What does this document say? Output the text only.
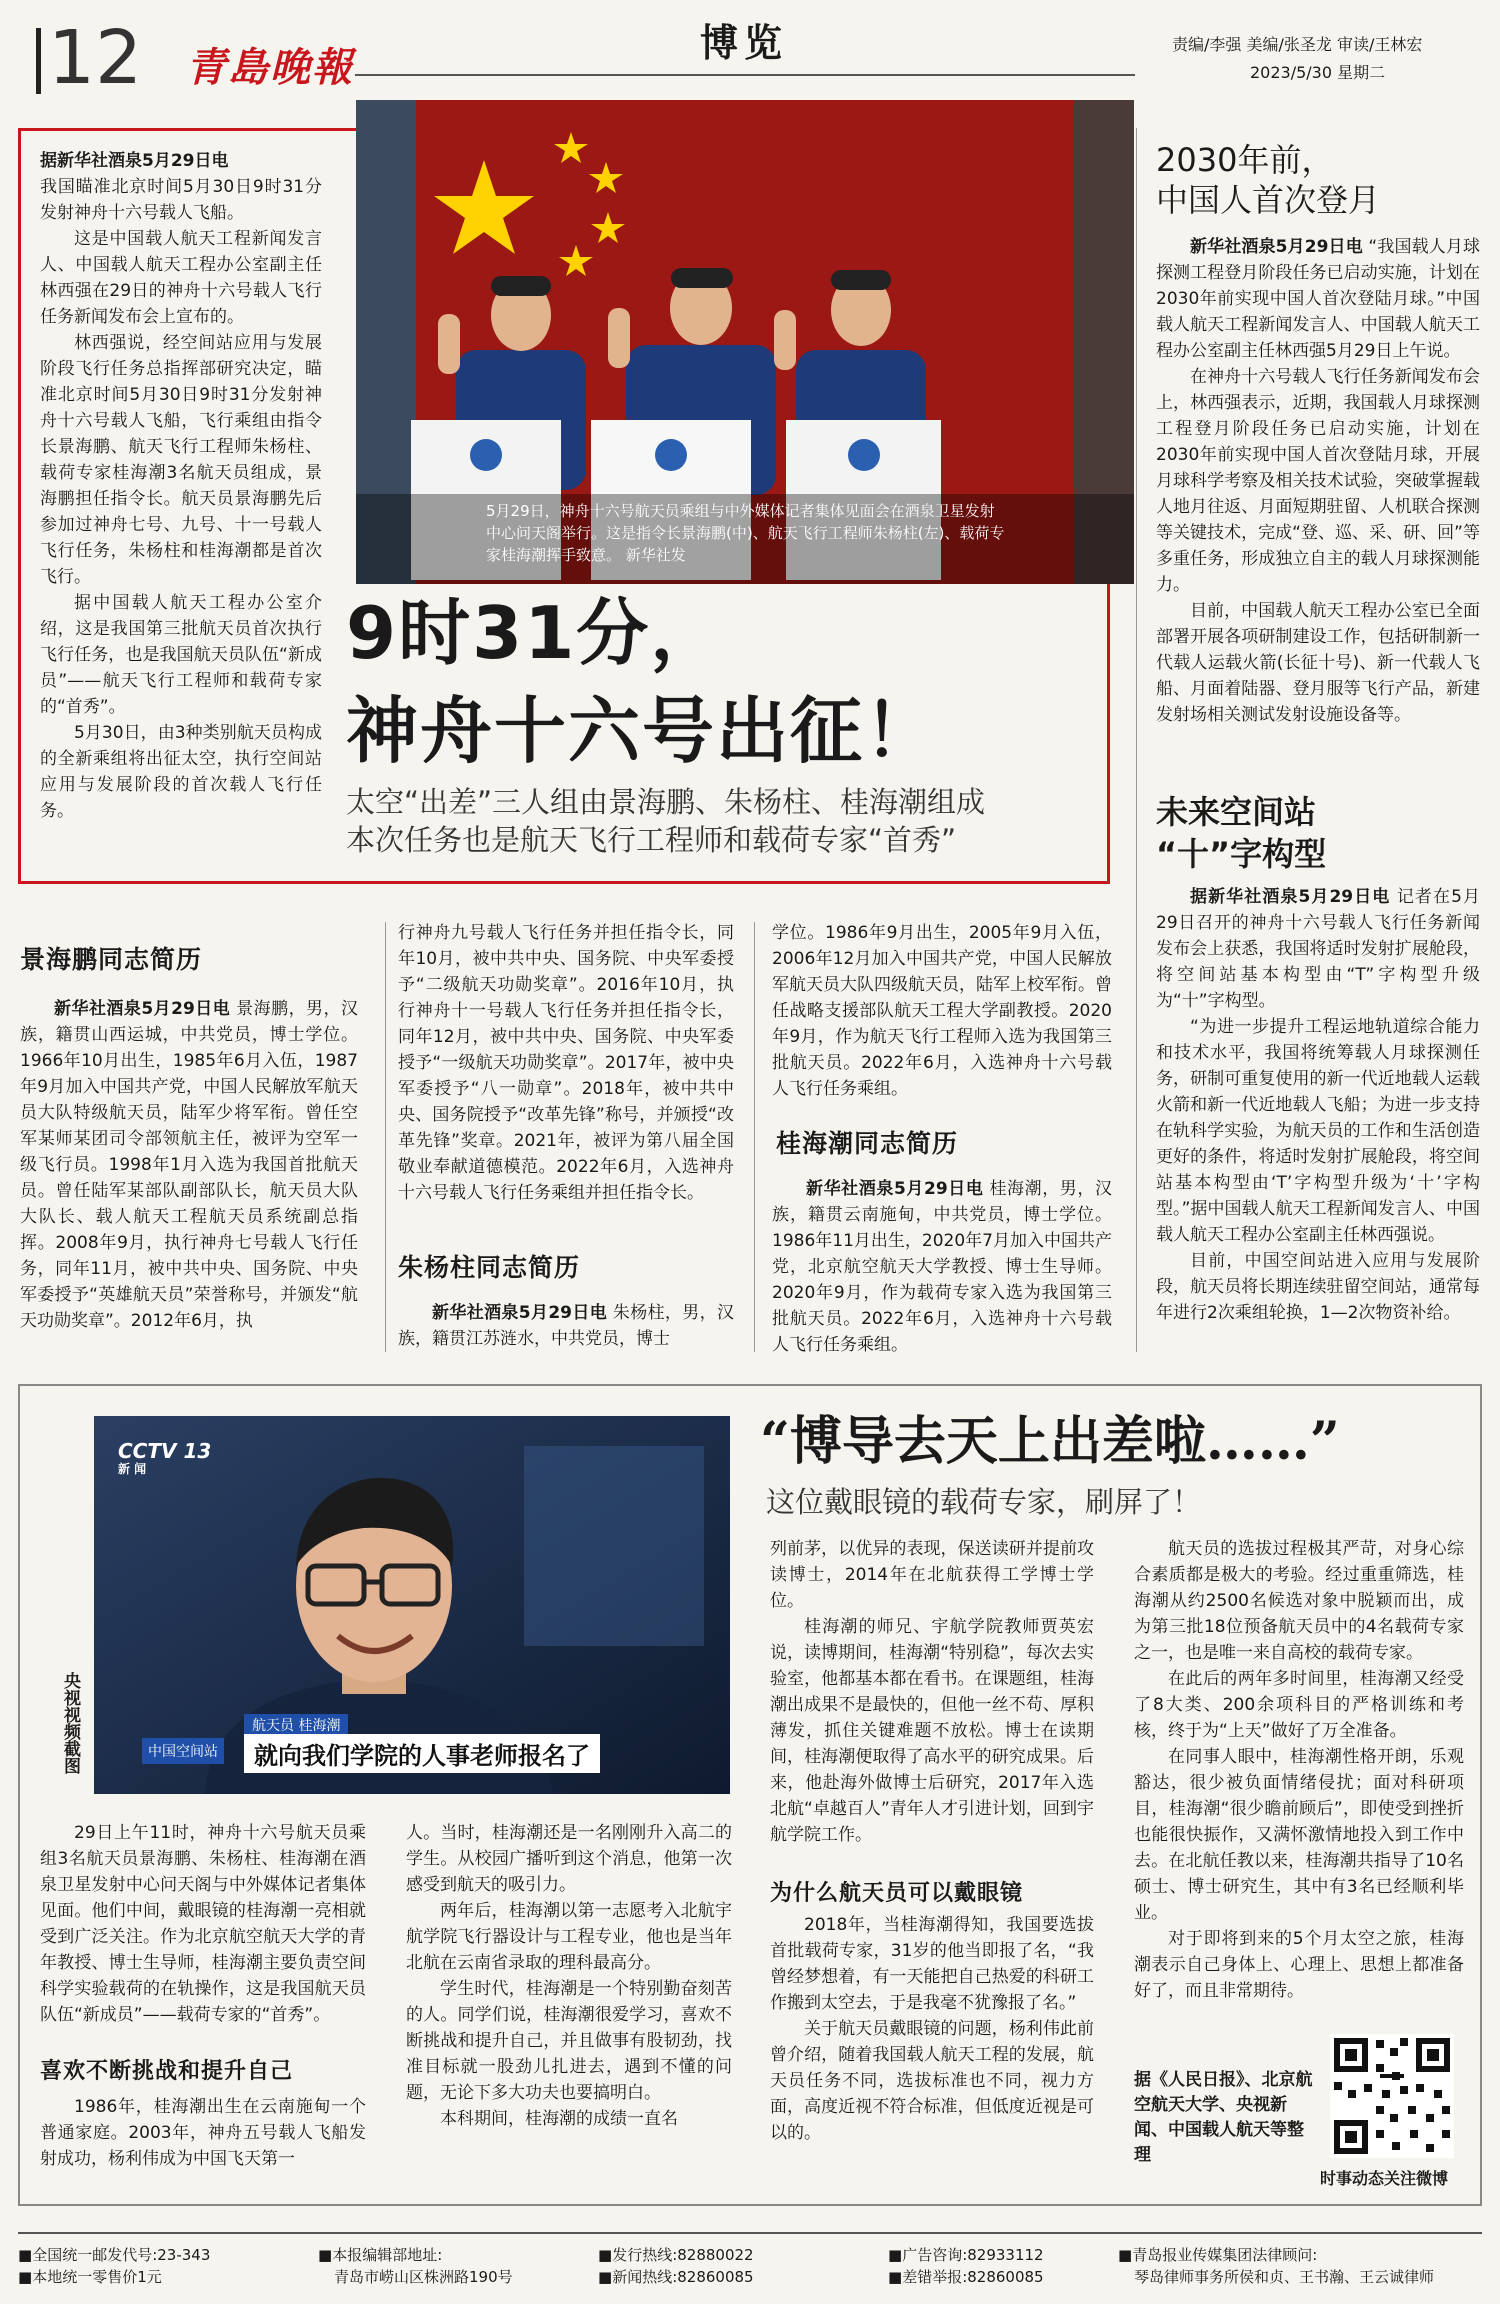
12 青島晚報
博览	责编/李强 美编/张圣龙 审读/王林宏
2023/5/30 星期二

据新华社酒泉5月29日电

我国瞄准北京时间5月30日9时31分发射神舟十六号载人飞船。

这是中国载人航天工程新闻发言人、中国载人航天工程办公室副主任林西强在29日的神舟十六号载人飞行任务新闻发布会上宣布的。

林西强说，经空间站应用与发展阶段飞行任务总指挥部研究决定，瞄准北京时间5月30日9时31分发射神舟十六号载人飞船，飞行乘组由指令长景海鹏、航天飞行工程师朱杨柱、载荷专家桂海潮3名航天员组成，景海鹏担任指令长。航天员景海鹏先后参加过神舟七号、九号、十一号载人飞行任务，朱杨柱和桂海潮都是首次飞行。

据中国载人航天工程办公室介绍，这是我国第三批航天员首次执行飞行任务，也是我国航天员队伍“新成员”——航天飞行工程师和载荷专家的“首秀”。

5月30日，由3种类别航天员构成的全新乘组将出征太空，执行空间站应用与发展阶段的首次载人飞行任务。

5月29日，神舟十六号航天员乘组与中外媒体记者集体见面会在酒泉卫星发射中心问天阁举行。这是指令长景海鹏(中)、航天飞行工程师朱杨柱(左)、载荷专家桂海潮挥手致意。 新华社发
9时31分，
神舟十六号出征！
太空“出差”三人组由景海鹏、朱杨柱、桂海潮组成
本次任务也是航天飞行工程师和载荷专家“首秀”
2030年前，
中国人首次登月

新华社酒泉5月29日电 “我国载人月球探测工程登月阶段任务已启动实施，计划在2030年前实现中国人首次登陆月球。”中国载人航天工程新闻发言人、中国载人航天工程办公室副主任林西强5月29日上午说。

在神舟十六号载人飞行任务新闻发布会上，林西强表示，近期，我国载人月球探测工程登月阶段任务已启动实施，计划在2030年前实现中国人首次登陆月球，开展月球科学考察及相关技术试验，突破掌握载人地月往返、月面短期驻留、人机联合探测等关键技术，完成“登、巡、采、研、回”等多重任务，形成独立自主的载人月球探测能力。

目前，中国载人航天工程办公室已全面部署开展各项研制建设工作，包括研制新一代载人运载火箭(长征十号)、新一代载人飞船、月面着陆器、登月服等飞行产品，新建发射场相关测试发射设施设备等。

未来空间站
“十”字构型

据新华社酒泉5月29日电 记者在5月29日召开的神舟十六号载人飞行任务新闻发布会上获悉，我国将适时发射扩展舱段，将空间站基本构型由“T”字构型升级为“十”字构型。

“为进一步提升工程运地轨道综合能力和技术水平，我国将统筹载人月球探测任务，研制可重复使用的新一代近地载人运载火箭和新一代近地载人飞船；为进一步支持在轨科学实验，为航天员的工作和生活创造更好的条件，将适时发射扩展舱段，将空间站基本构型由‘T’字构型升级为‘十’字构型。”据中国载人航天工程新闻发言人、中国载人航天工程办公室副主任林西强说。

目前，中国空间站进入应用与发展阶段，航天员将长期连续驻留空间站，通常每年进行2次乘组轮换，1—2次物资补给。

景海鹏同志简历

新华社酒泉5月29日电 景海鹏，男，汉族，籍贯山西运城，中共党员，博士学位。1966年10月出生，1985年6月入伍，1987年9月加入中国共产党，中国人民解放军航天员大队特级航天员，陆军少将军衔。曾任空军某师某团司令部领航主任，被评为空军一级飞行员。1998年1月入选为我国首批航天员。曾任陆军某部队副部队长，航天员大队大队长、载人航天工程航天员系统副总指挥。2008年9月，执行神舟七号载人飞行任务，同年11月，被中共中央、国务院、中央军委授予“英雄航天员”荣誉称号，并颁发“航天功勋奖章”。2012年6月，执

行神舟九号载人飞行任务并担任指令长，同年10月，被中共中央、国务院、中央军委授予“二级航天功勋奖章”。2016年10月，执行神舟十一号载人飞行任务并担任指令长，同年12月，被中共中央、国务院、中央军委授予“一级航天功勋奖章”。2017年，被中央军委授予“八一勋章”。2018年，被中共中央、国务院授予“改革先锋”称号，并颁授“改革先锋”奖章。2021年，被评为第八届全国敬业奉献道德模范。2022年6月，入选神舟十六号载人飞行任务乘组并担任指令长。

朱杨柱同志简历

新华社酒泉5月29日电 朱杨柱，男，汉族，籍贯江苏涟水，中共党员，博士

学位。1986年9月出生，2005年9月入伍，2006年12月加入中国共产党，中国人民解放军航天员大队四级航天员，陆军上校军衔。曾任战略支援部队航天工程大学副教授。2020年9月，作为航天飞行工程师入选为我国第三批航天员。2022年6月，入选神舟十六号载人飞行任务乘组。

桂海潮同志简历

新华社酒泉5月29日电 桂海潮，男，汉族，籍贯云南施甸，中共党员，博士学位。1986年11月出生，2020年7月加入中国共产党，北京航空航天大学教授、博士生导师。2020年9月，作为载荷专家入选为我国第三批航天员。2022年6月，入选神舟十六号载人飞行任务乘组。

CCTV 13
新 闻
航天员 桂海潮
中国空间站	就向我们学院的人事老师报名了
央视视频截图
“博导去天上出差啦……”
这位戴眼镜的载荷专家，刷屏了！

29日上午11时，神舟十六号航天员乘组3名航天员景海鹏、朱杨柱、桂海潮在酒泉卫星发射中心问天阁与中外媒体记者集体见面。他们中间，戴眼镜的桂海潮一亮相就受到广泛关注。作为北京航空航天大学的青年教授、博士生导师，桂海潮主要负责空间科学实验载荷的在轨操作，这是我国航天员队伍“新成员”——载荷专家的“首秀”。

喜欢不断挑战和提升自己

1986年，桂海潮出生在云南施甸一个普通家庭。2003年，神舟五号载人飞船发射成功，杨利伟成为中国飞天第一

人。当时，桂海潮还是一名刚刚升入高二的学生。从校园广播听到这个消息，他第一次感受到航天的吸引力。

两年后，桂海潮以第一志愿考入北航宇航学院飞行器设计与工程专业，他也是当年北航在云南省录取的理科最高分。

学生时代，桂海潮是一个特别勤奋刻苦的人。同学们说，桂海潮很爱学习，喜欢不断挑战和提升自己，并且做事有股韧劲，找准目标就一股劲儿扎进去，遇到不懂的问题，无论下多大功夫也要搞明白。

本科期间，桂海潮的成绩一直名

列前茅，以优异的表现，保送读研并提前攻读博士，2014年在北航获得工学博士学位。

桂海潮的师兄、宇航学院教师贾英宏说，读博期间，桂海潮“特别稳”，每次去实验室，他都基本都在看书。在课题组，桂海潮出成果不是最快的，但他一丝不苟、厚积薄发，抓住关键难题不放松。博士在读期间，桂海潮便取得了高水平的研究成果。后来，他赴海外做博士后研究，2017年入选北航“卓越百人”青年人才引进计划，回到宇航学院工作。

为什么航天员可以戴眼镜

2018年，当桂海潮得知，我国要选拔首批载荷专家，31岁的他当即报了名，“我曾经梦想着，有一天能把自己热爱的科研工作搬到太空去，于是我毫不犹豫报了名。”

关于航天员戴眼镜的问题，杨利伟此前曾介绍，随着我国载人航天工程的发展，航天员任务不同，选拔标准也不同，视力方面，高度近视不符合标准，但低度近视是可以的。

航天员的选拔过程极其严苛，对身心综合素质都是极大的考验。经过重重筛选，桂海潮从约2500名候选对象中脱颖而出，成为第三批18位预备航天员中的4名载荷专家之一，也是唯一来自高校的载荷专家。

在此后的两年多时间里，桂海潮又经受了8大类、200余项科目的严格训练和考核，终于为“上天”做好了万全准备。

在同事人眼中，桂海潮性格开朗，乐观豁达，很少被负面情绪侵扰；面对科研项目，桂海潮“很少瞻前顾后”，即使受到挫折也能很快振作，又满怀激情地投入到工作中去。在北航任教以来，桂海潮共指导了10名硕士、博士研究生，其中有3名已经顺利毕业。

对于即将到来的5个月太空之旅，桂海潮表示自己身体上、心理上、思想上都准备好了，而且非常期待。

据《人民日报》、北京航空航天大学、央视新闻、中国载人航天等整理
时事动态关注微博
■全国统一邮发代号:23-343
■本地统一零售价1元
■本报编辑部地址:
青岛市崂山区株洲路190号
■发行热线:82880022
■新闻热线:82860085
■广告咨询:82933112
■差错举报:82860085
■青岛报业传媒集团法律顾问:
琴岛律师事务所侯和贞、王书瀚、王云诚律师
